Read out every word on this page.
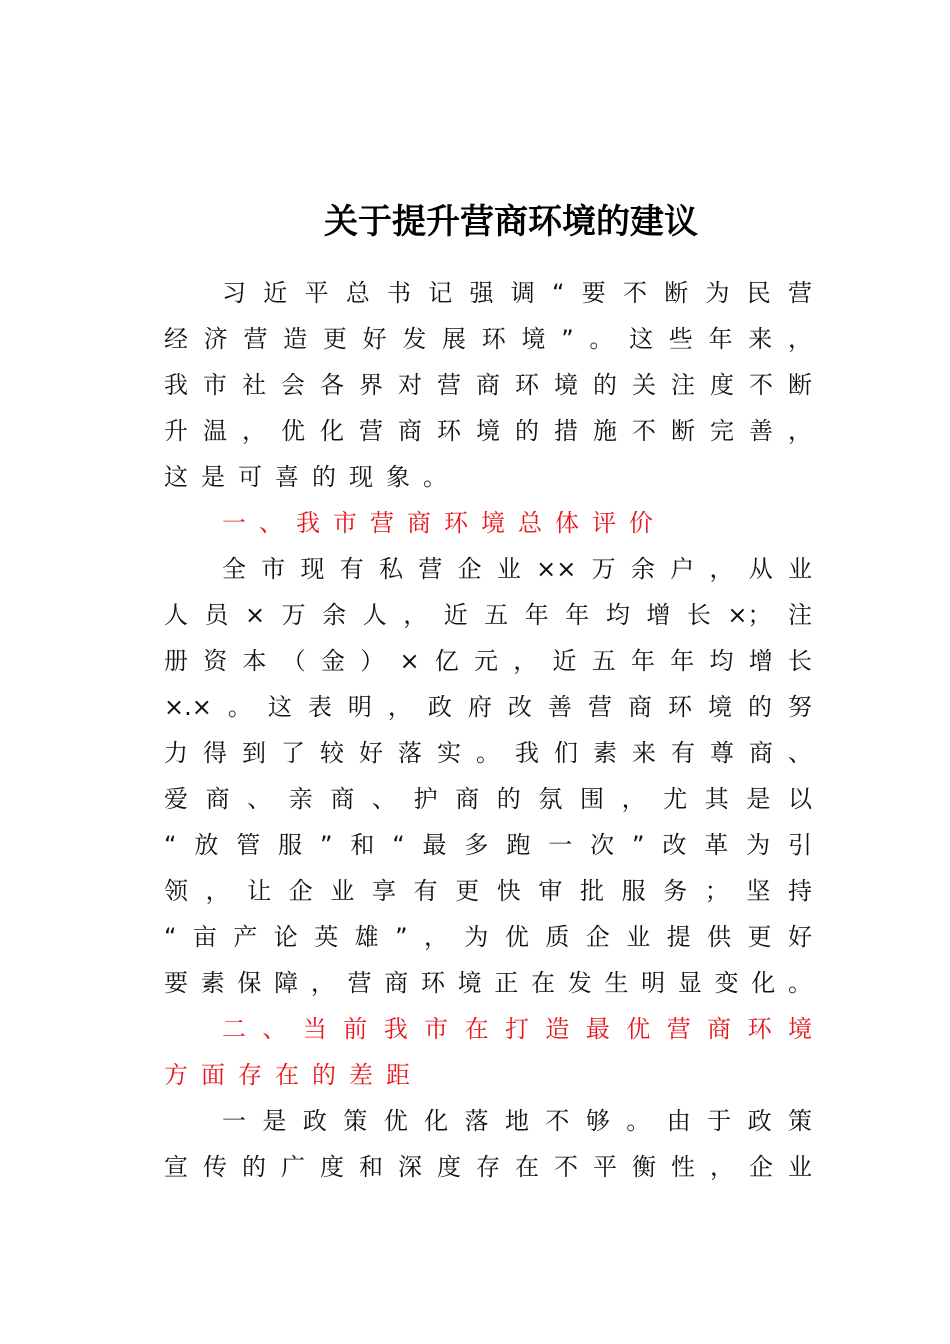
关于提升营商环境的建议
习近平总书记强调“要不断为民营
经济营造更好发展环境”。这些年来，
我市社会各界对营商环境的关注度不断
升温，优化营商环境的措施不断完善，
这是可喜的现象。
一、我市营商环境总体评价
全市现有私营企业××万余户，从业
人员×万余人，近五年年均增长×；注
册资本（金）×亿元，近五年年均增长
×.×。这表明，政府改善营商环境的努
力得到了较好落实。我们素来有尊商、
爱商、亲商、护商的氛围，尤其是以
“放管服”和“最多跑一次”改革为引
领，让企业享有更快审批服务；坚持
“亩产论英雄”，为优质企业提供更好
要素保障，营商环境正在发生明显变化。
二、当前我市在打造最优营商环境
方面存在的差距
一是政策优化落地不够。由于政策
宣传的广度和深度存在不平衡性，企业
